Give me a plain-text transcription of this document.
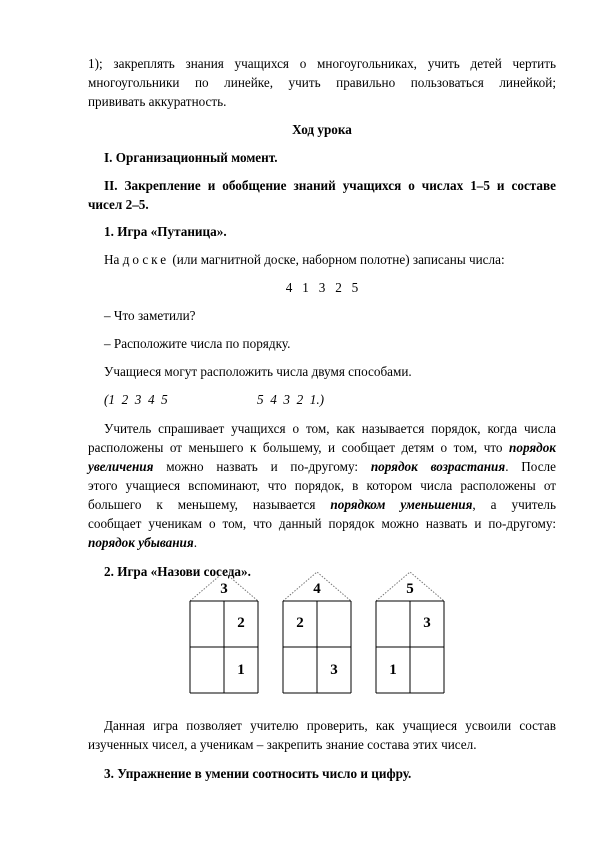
1); закреплять знания учащихся о многоугольниках, учить детей чертить

многоугольники по линейке, учить правильно пользоваться линейкой;

прививать аккуратность.

Ход урока

I. Организационный момент.

II. Закрепление и обобщение знаний учащихся о числах 1–5 и составе

чисел 2–5.

1. Игра «Путаница».

На доске (или магнитной доске, наборном полотне) записаны числа:

4   1   3   2   5

– Что заметили?

– Расположите числа по порядку.

Учащиеся могут расположить числа двумя способами.

(1  2  3  4  5	5  4  3  2  1.)

Учитель спрашивает учащихся о том, как называется порядок, когда числа

расположены от меньшего к большему, и сообщает детям о том, что порядок

увеличения можно назвать и по-другому: порядок возрастания. После

этого учащиеся вспоминают, что порядок, в котором числа расположены от

большего к меньшему, называется порядком уменьшения, а учитель

сообщает ученикам о том, что данный порядок можно назвать и по-другому:

порядок убывания.

2. Игра «Назови соседа».

3
2
1
4
2
3
5
3
1

Данная игра позволяет учителю проверить, как учащиеся усвоили состав

изученных чисел, а ученикам – закрепить знание состава этих чисел.

3. Упражнение в умении соотносить число и цифру.
